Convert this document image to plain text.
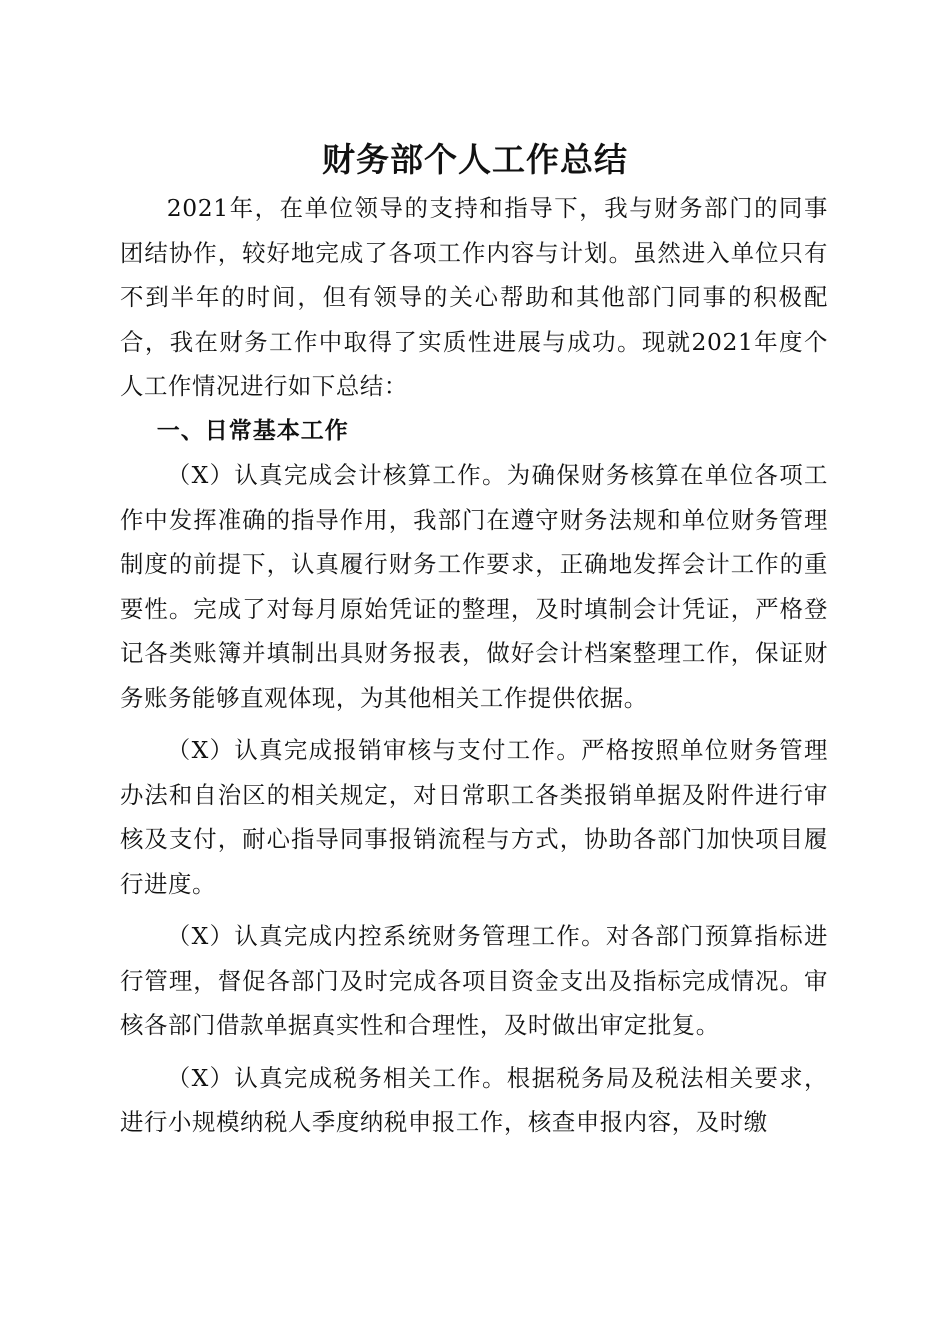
财务部个人工作总结

2021年，在单位领导的支持和指导下，我与财务部门的同事团结协作，较好地完成了各项工作内容与计划。虽然进入单位只有不到半年的时间，但有领导的关心帮助和其他部门同事的积极配合，我在财务工作中取得了实质性进展与成功。现就2021年度个人工作情况进行如下总结：

一、日常基本工作

（X）认真完成会计核算工作。为确保财务核算在单位各项工作中发挥准确的指导作用，我部门在遵守财务法规和单位财务管理制度的前提下，认真履行财务工作要求，正确地发挥会计工作的重要性。完成了对每月原始凭证的整理，及时填制会计凭证，严格登记各类账簿并填制出具财务报表，做好会计档案整理工作，保证财务账务能够直观体现，为其他相关工作提供依据。

（X）认真完成报销审核与支付工作。严格按照单位财务管理办法和自治区的相关规定，对日常职工各类报销单据及附件进行审核及支付，耐心指导同事报销流程与方式，协助各部门加快项目履行进度。

（X）认真完成内控系统财务管理工作。对各部门预算指标进行管理，督促各部门及时完成各项目资金支出及指标完成情况。审核各部门借款单据真实性和合理性，及时做出审定批复。

（X）认真完成税务相关工作。根据税务局及税法相关要求，进行小规模纳税人季度纳税申报工作，核查申报内容，及时缴
